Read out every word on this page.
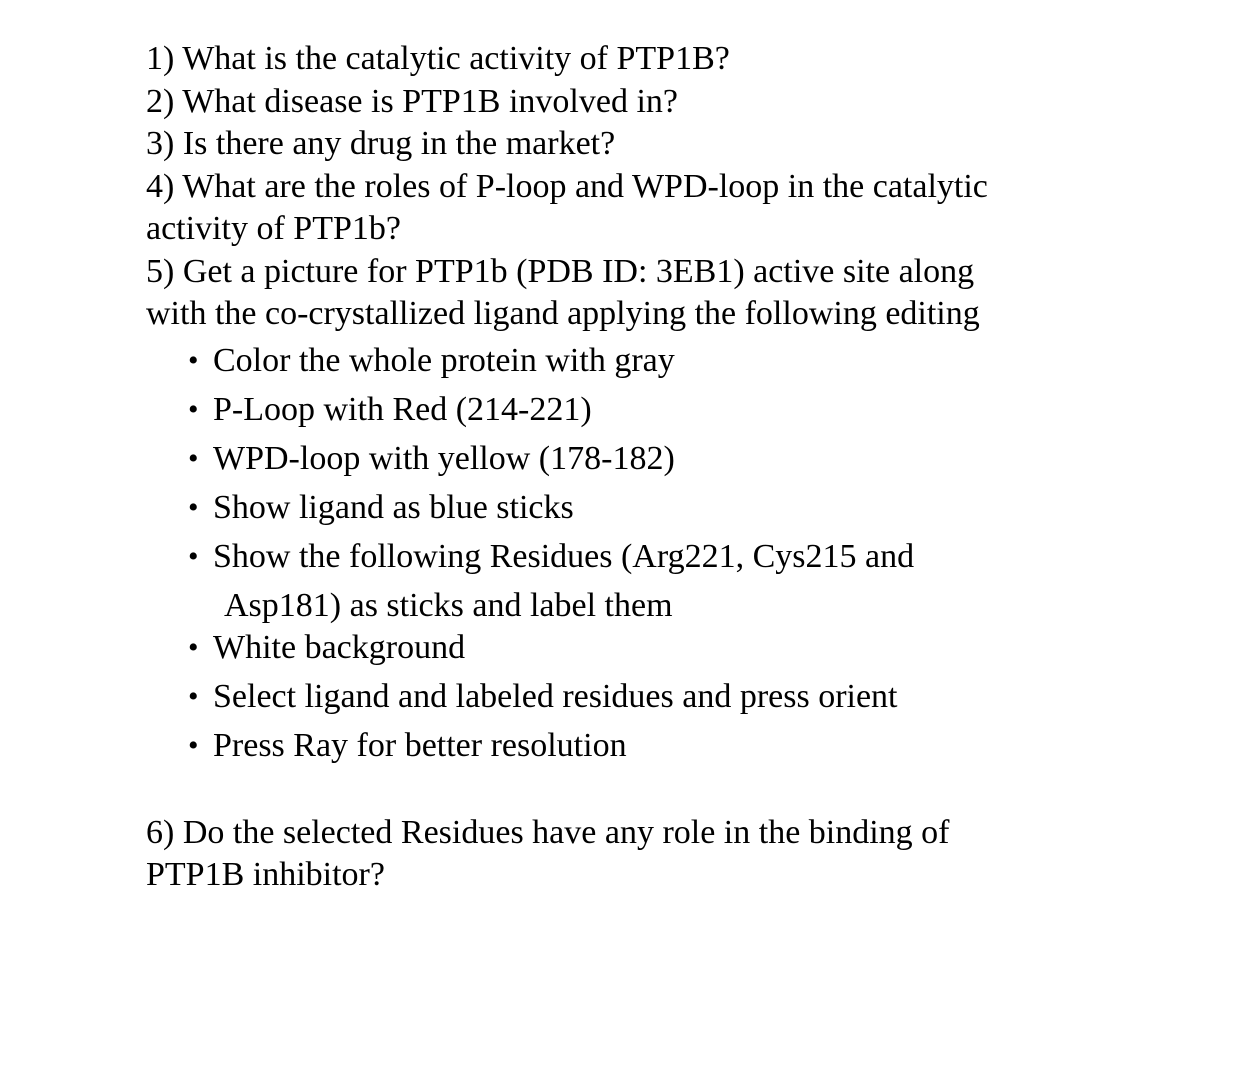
1) What is the catalytic activity of PTP1B?

2) What disease is PTP1B involved in?

3) Is there any drug in the market?

4) What are the roles of P-loop and WPD-loop in the catalytic

activity of PTP1b?

5) Get a picture for PTP1b (PDB ID: 3EB1) active site along

with the co-crystallized ligand applying the following editing

• Color the whole protein with gray
• P-Loop with Red (214-221)
• WPD-loop with yellow (178-182)
• Show ligand as blue sticks
• Show the following Residues (Arg221, Cys215 and
Asp181) as sticks and label them
• White background
• Select ligand and labeled residues and press orient
• Press Ray for better resolution

6) Do the selected Residues have any role in the binding of

PTP1B inhibitor?
